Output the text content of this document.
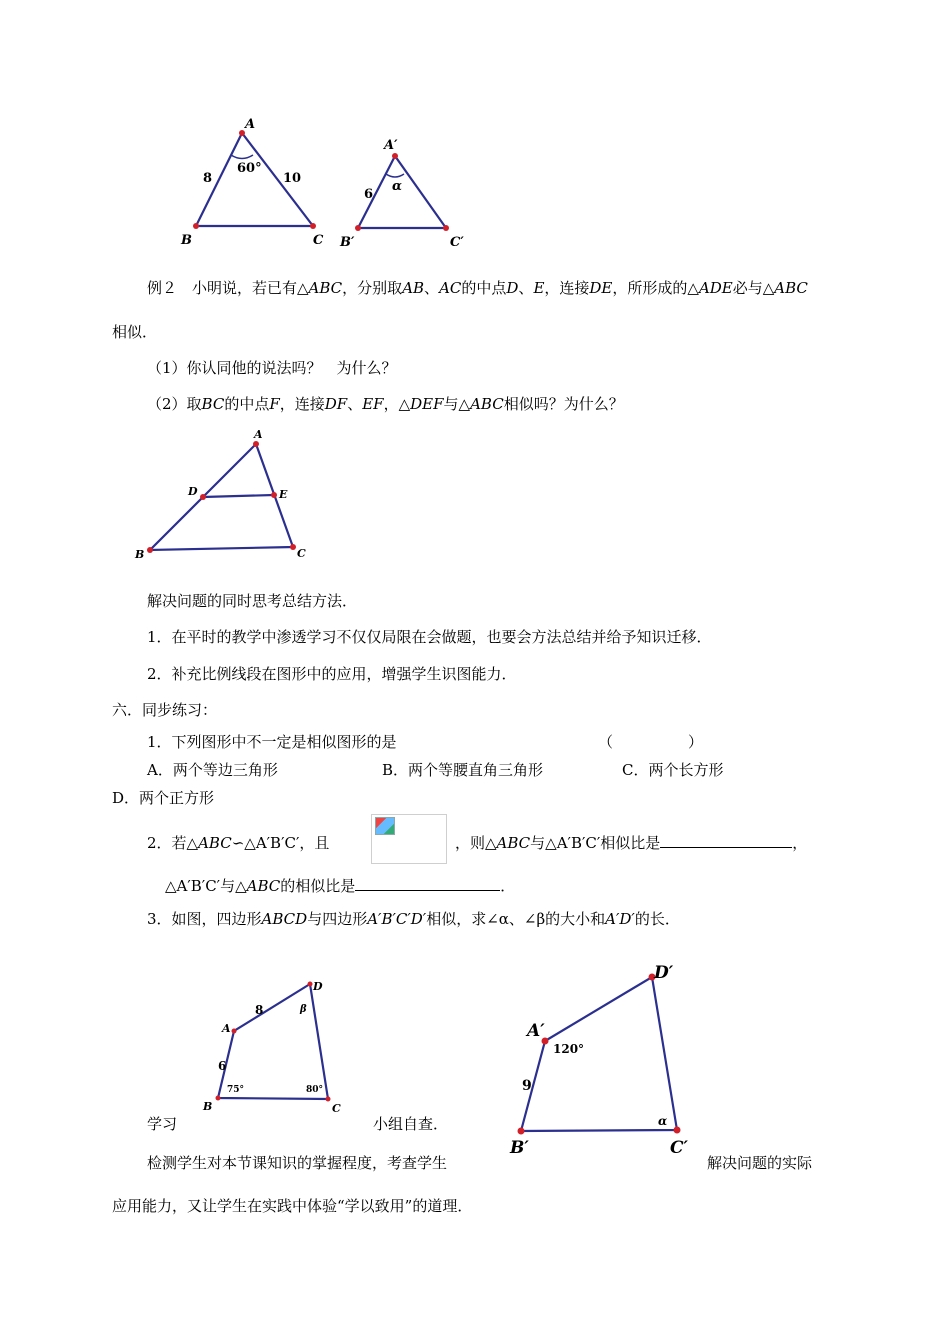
A
B	C
8	10
60°
A′
B′	C′
6
α
例２　小明说，若已有△ABC，分别取AB、AC的中点D、E，连接DE，所形成的△ADE必与△ABC
相似．
（1）你认同他的说法吗？　为什么？
（2）取BC的中点F，连接DF、EF，△DEF与△ABC相似吗？为什么？
A
B	C
D	E
解决问题的同时思考总结方法．
1．在平时的教学中渗透学习不仅仅局限在会做题，也要会方法总结并给予知识迁移．
2．补充比例线段在图形中的应用，增强学生识图能力．
六．同步练习：
1．下列图形中不一定是相似图形的是	（　　　　　）
A．两个等边三角形	B．两个等腰直角三角形	C．两个长方形
D．两个正方形
2．若△ABC∽△A′B′C′，且	，则△ABC与△A′B′C′相似比是	，
△A′B′C′与△ABC的相似比是	．
3．如图，四边形ABCD与四边形A′B′C′D′相似，求∠α、∠β的大小和A′D′的长．
A
B	C
D
6
8
75°	80°
β
A′
B′	C′
D′
9
120°
α
学习	小组自查．
检测学生对本节课知识的掌握程度，考查学生	解决问题的实际
应用能力，又让学生在实践中体验“学以致用”的道理．
